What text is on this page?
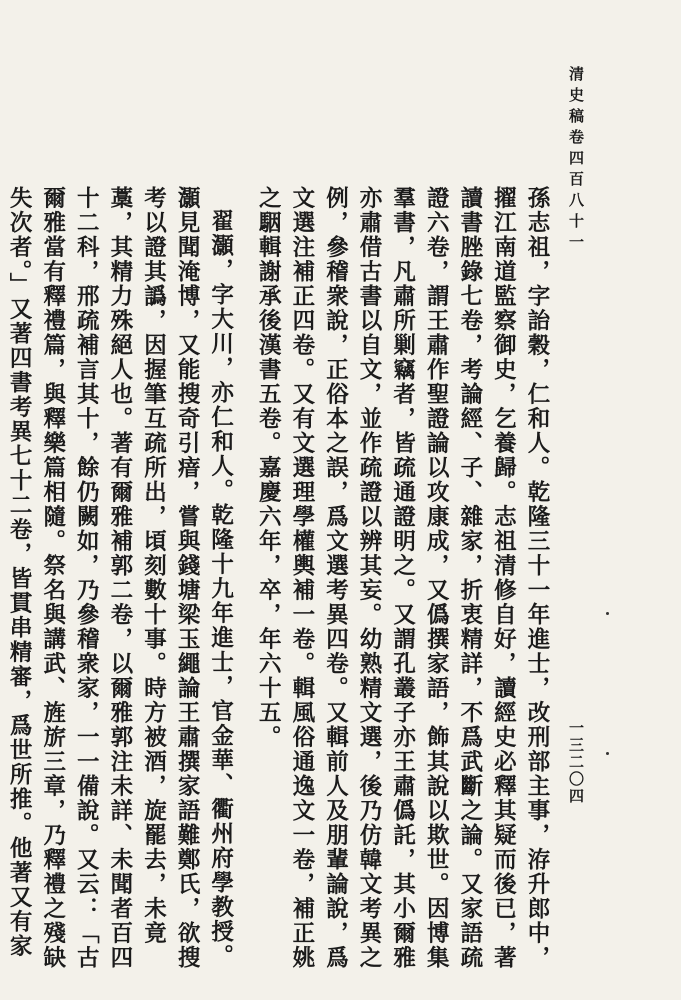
清史稿卷四百八十一
一三二〇四

孫志祖，字詒穀，仁和人。乾隆三十一年進士，改刑部主事，洊升郎中，擢江南道監察御史，乞養歸。志祖清修自好，讀經史必釋其疑而後已，著讀書脞錄七卷，考論經、子、雜家，折衷精詳，不爲武斷之論。又家語疏證六卷，謂王肅作聖證論以攻康成，又僞撰家語，飾其說以欺世。因博集羣書，凡肅所剿竊者，皆疏通證明之。又謂孔叢子亦王肅僞託，其小爾雅亦肅借古書以自文，並作疏證以辨其妄。幼熟精文選，後乃仿韓文考異之例，參稽衆說，正俗本之誤，爲文選考異四卷。又輯前人及朋輩論說，爲文選注補正四卷。又有文選理學權輿補一卷。輯風俗通逸文一卷，補正姚之駰輯謝承後漢書五卷。嘉慶六年，卒，年六十五。

翟灝，字大川，亦仁和人。乾隆十九年進士，官金華、衢州府學教授。灝見聞淹博，又能搜奇引瘖，嘗與錢塘梁玉繩論王肅撰家語難鄭氏，欲搜考以證其譌，因握筆互疏所出，頃刻數十事。時方被酒，旋罷去，未竟藁，其精力殊絕人也。著有爾雅補郭二卷，以爾雅郭注未詳、未聞者百四十二科，邢疏補言其十，餘仍闕如，乃參稽衆家，一一備說。又云：「古爾雅當有釋禮篇，與釋樂篇相隨。祭名與講武、旌旂三章，乃釋禮之殘缺失次者。」又著四書考異七十二卷，皆貫串精審，爲世所推。他著又有家
